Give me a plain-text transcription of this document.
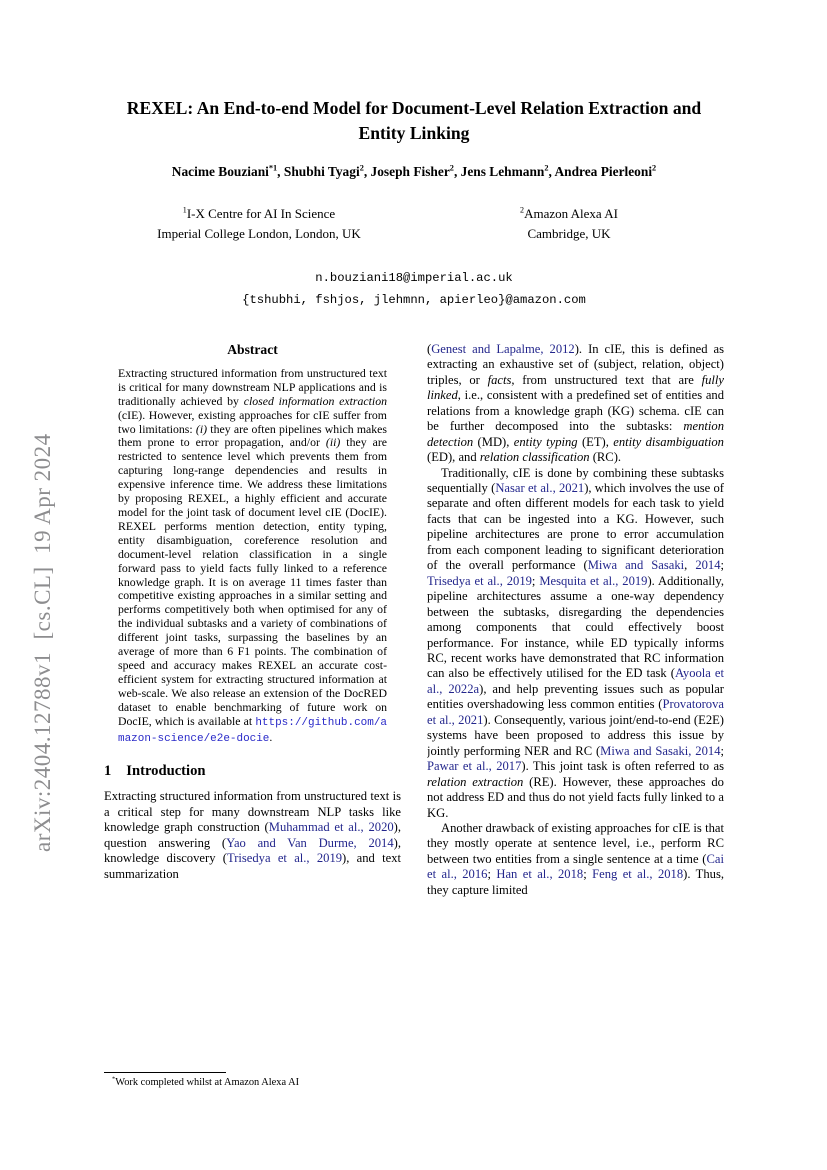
arXiv:2404.12788v1  [cs.CL]  19 Apr 2024
REXEL: An End-to-end Model for Document-Level Relation Extraction and Entity Linking
Nacime Bouziani$^{*1}$, Shubhi Tyagi$^2$, Joseph Fisher$^2$, Jens Lehmann$^2$, Andrea Pierleoni$^2$
$^1$I-X Centre for AI In Science
Imperial College London, London, UK
$^2$Amazon Alexa AI
Cambridge, UK
n.bouziani18@imperial.ac.uk
{tshubhi, fshjos, jlehmnn, apierleo}@amazon.com
Abstract

Extracting structured information from unstructured text is critical for many downstream NLP applications and is traditionally achieved by closed information extraction (cIE). However, existing approaches for cIE suffer from two limitations: (i) they are often pipelines which makes them prone to error propagation, and/or (ii) they are restricted to sentence level which prevents them from capturing long-range dependencies and results in expensive inference time. We address these limitations by proposing REXEL, a highly efficient and accurate model for the joint task of document level cIE (DocIE). REXEL performs mention detection, entity typing, entity disambiguation, coreference resolution and document-level relation classification in a single forward pass to yield facts fully linked to a reference knowledge graph. It is on average 11 times faster than competitive existing approaches in a similar setting and performs competitively both when optimised for any of the individual subtasks and a variety of combinations of different joint tasks, surpassing the baselines by an average of more than 6 F1 points. The combination of speed and accuracy makes REXEL an accurate cost-efficient system for extracting structured information at web-scale. We also release an extension of the DocRED dataset to enable benchmarking of future work on DocIE, which is available at https://github.com/amazon-science/e2e-docie.

1 Introduction

Extracting structured information from unstructured text is a critical step for many downstream NLP tasks like knowledge graph construction (Muhammad et al., 2020), question answering (Yao and Van Durme, 2014), knowledge discovery (Trisedya et al., 2019), and text summarization

*Work completed whilst at Amazon Alexa AI

(Genest and Lapalme, 2012). In cIE, this is defined as extracting an exhaustive set of (subject, relation, object) triples, or facts, from unstructured text that are fully linked, i.e., consistent with a predefined set of entities and relations from a knowledge graph (KG) schema. cIE can be further decomposed into the subtasks: mention detection (MD), entity typing (ET), entity disambiguation (ED), and relation classification (RC).

Traditionally, cIE is done by combining these subtasks sequentially (Nasar et al., 2021), which involves the use of separate and often different models for each task to yield facts that can be ingested into a KG. However, such pipeline architectures are prone to error accumulation from each component leading to significant deterioration of the overall performance (Miwa and Sasaki, 2014; Trisedya et al., 2019; Mesquita et al., 2019). Additionally, pipeline architectures assume a one-way dependency between the subtasks, disregarding the dependencies among components that could effectively boost performance. For instance, while ED typically informs RC, recent works have demonstrated that RC information can also be effectively utilised for the ED task (Ayoola et al., 2022a), and help preventing issues such as popular entities overshadowing less common entities (Provatorova et al., 2021). Consequently, various joint/end-to-end (E2E) systems have been proposed to address this issue by jointly performing NER and RC (Miwa and Sasaki, 2014; Pawar et al., 2017). This joint task is often referred to as relation extraction (RE). However, these approaches do not address ED and thus do not yield facts fully linked to a KG.

Another drawback of existing approaches for cIE is that they mostly operate at sentence level, i.e., perform RC between two entities from a single sentence at a time (Cai et al., 2016; Han et al., 2018; Feng et al., 2018). Thus, they capture limited
